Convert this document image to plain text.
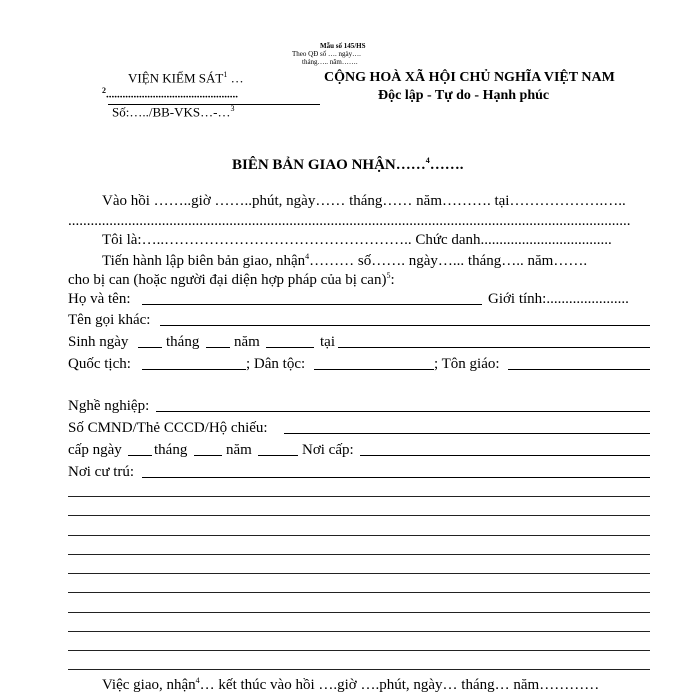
Mẫu số 145/HS
Theo QĐ số …. ngày….
tháng….. năm…….
VIỆN KIỂM SÁT$^1$ …
$^2$................................................
Số:…../BB-VKS…-…$^3$
CỘNG HOÀ XÃ HỘI CHỦ NGHĨA VIỆT NAM
Độc lập - Tự do - Hạnh phúc
BIÊN BẢN GIAO NHẬN……$^4$…….
Vào hồi ……..giờ ……..phút, ngày…… tháng…… năm………. tại……………….…..
......................................................................................................................................................
Tôi là:…..………………………………………….. Chức danh...................................
Tiến hành lập biên bản giao, nhận$^4$……… số……. ngày…... tháng….. năm…….
cho bị can (hoặc người đại diện hợp pháp của bị can)$^5$:
Họ và tên:	Giới tính:......................
Tên gọi khác:
Sinh ngày	tháng năm	tại
Quốc tịch:	; Dân tộc:	; Tôn giáo:
Nghề nghiệp:
Số CMND/Thẻ CCCD/Hộ chiếu:
cấp ngày tháng	năm	Nơi cấp:
Nơi cư trú:
Việc giao, nhận$^4$… kết thúc vào hồi ….giờ ….phút, ngày… tháng… năm…………
